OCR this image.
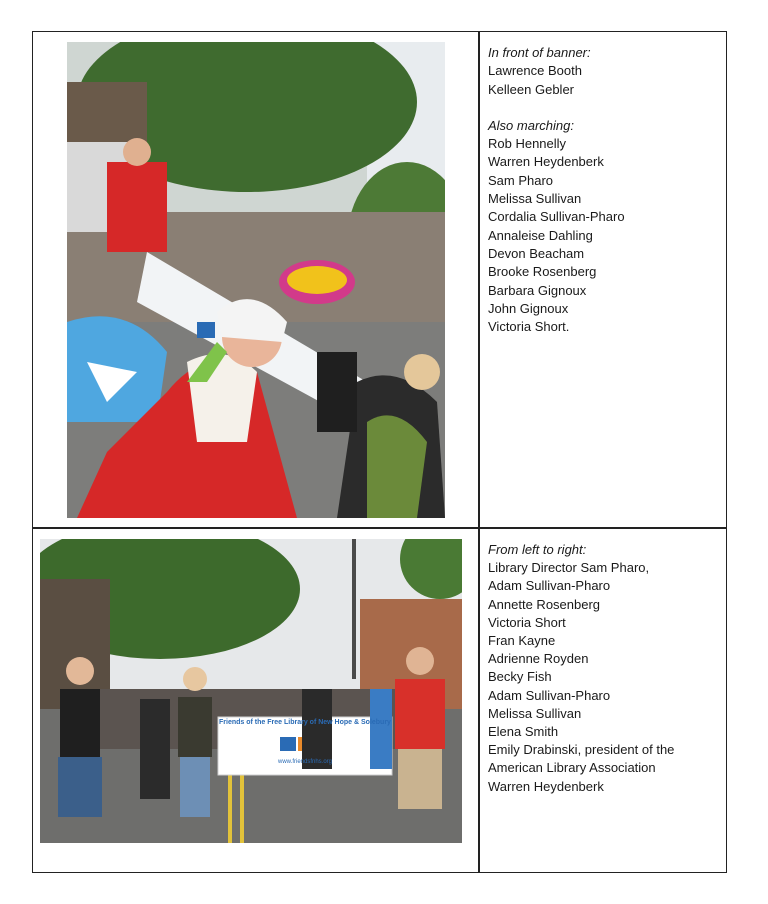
In front of banner:
Lawrence Booth
Kelleen Gebler
Also marching:
Rob Hennelly
Warren Heydenberk
Sam Pharo
Melissa Sullivan
Cordalia Sullivan-Pharo
Annaleise Dahling
Devon Beacham
Brooke Rosenberg
Barbara Gignoux
John Gignoux
Victoria Short.
Friends of the Free Library of New Hope & Solebury
www.friendsfnhs.org
From left to right:
Library Director Sam Pharo,
Adam Sullivan-Pharo
Annette Rosenberg
Victoria Short
Fran Kayne
Adrienne Royden
Becky Fish
Adam Sullivan-Pharo
Melissa Sullivan
Elena Smith
Emily Drabinski, president of the
American Library Association
Warren Heydenberk
